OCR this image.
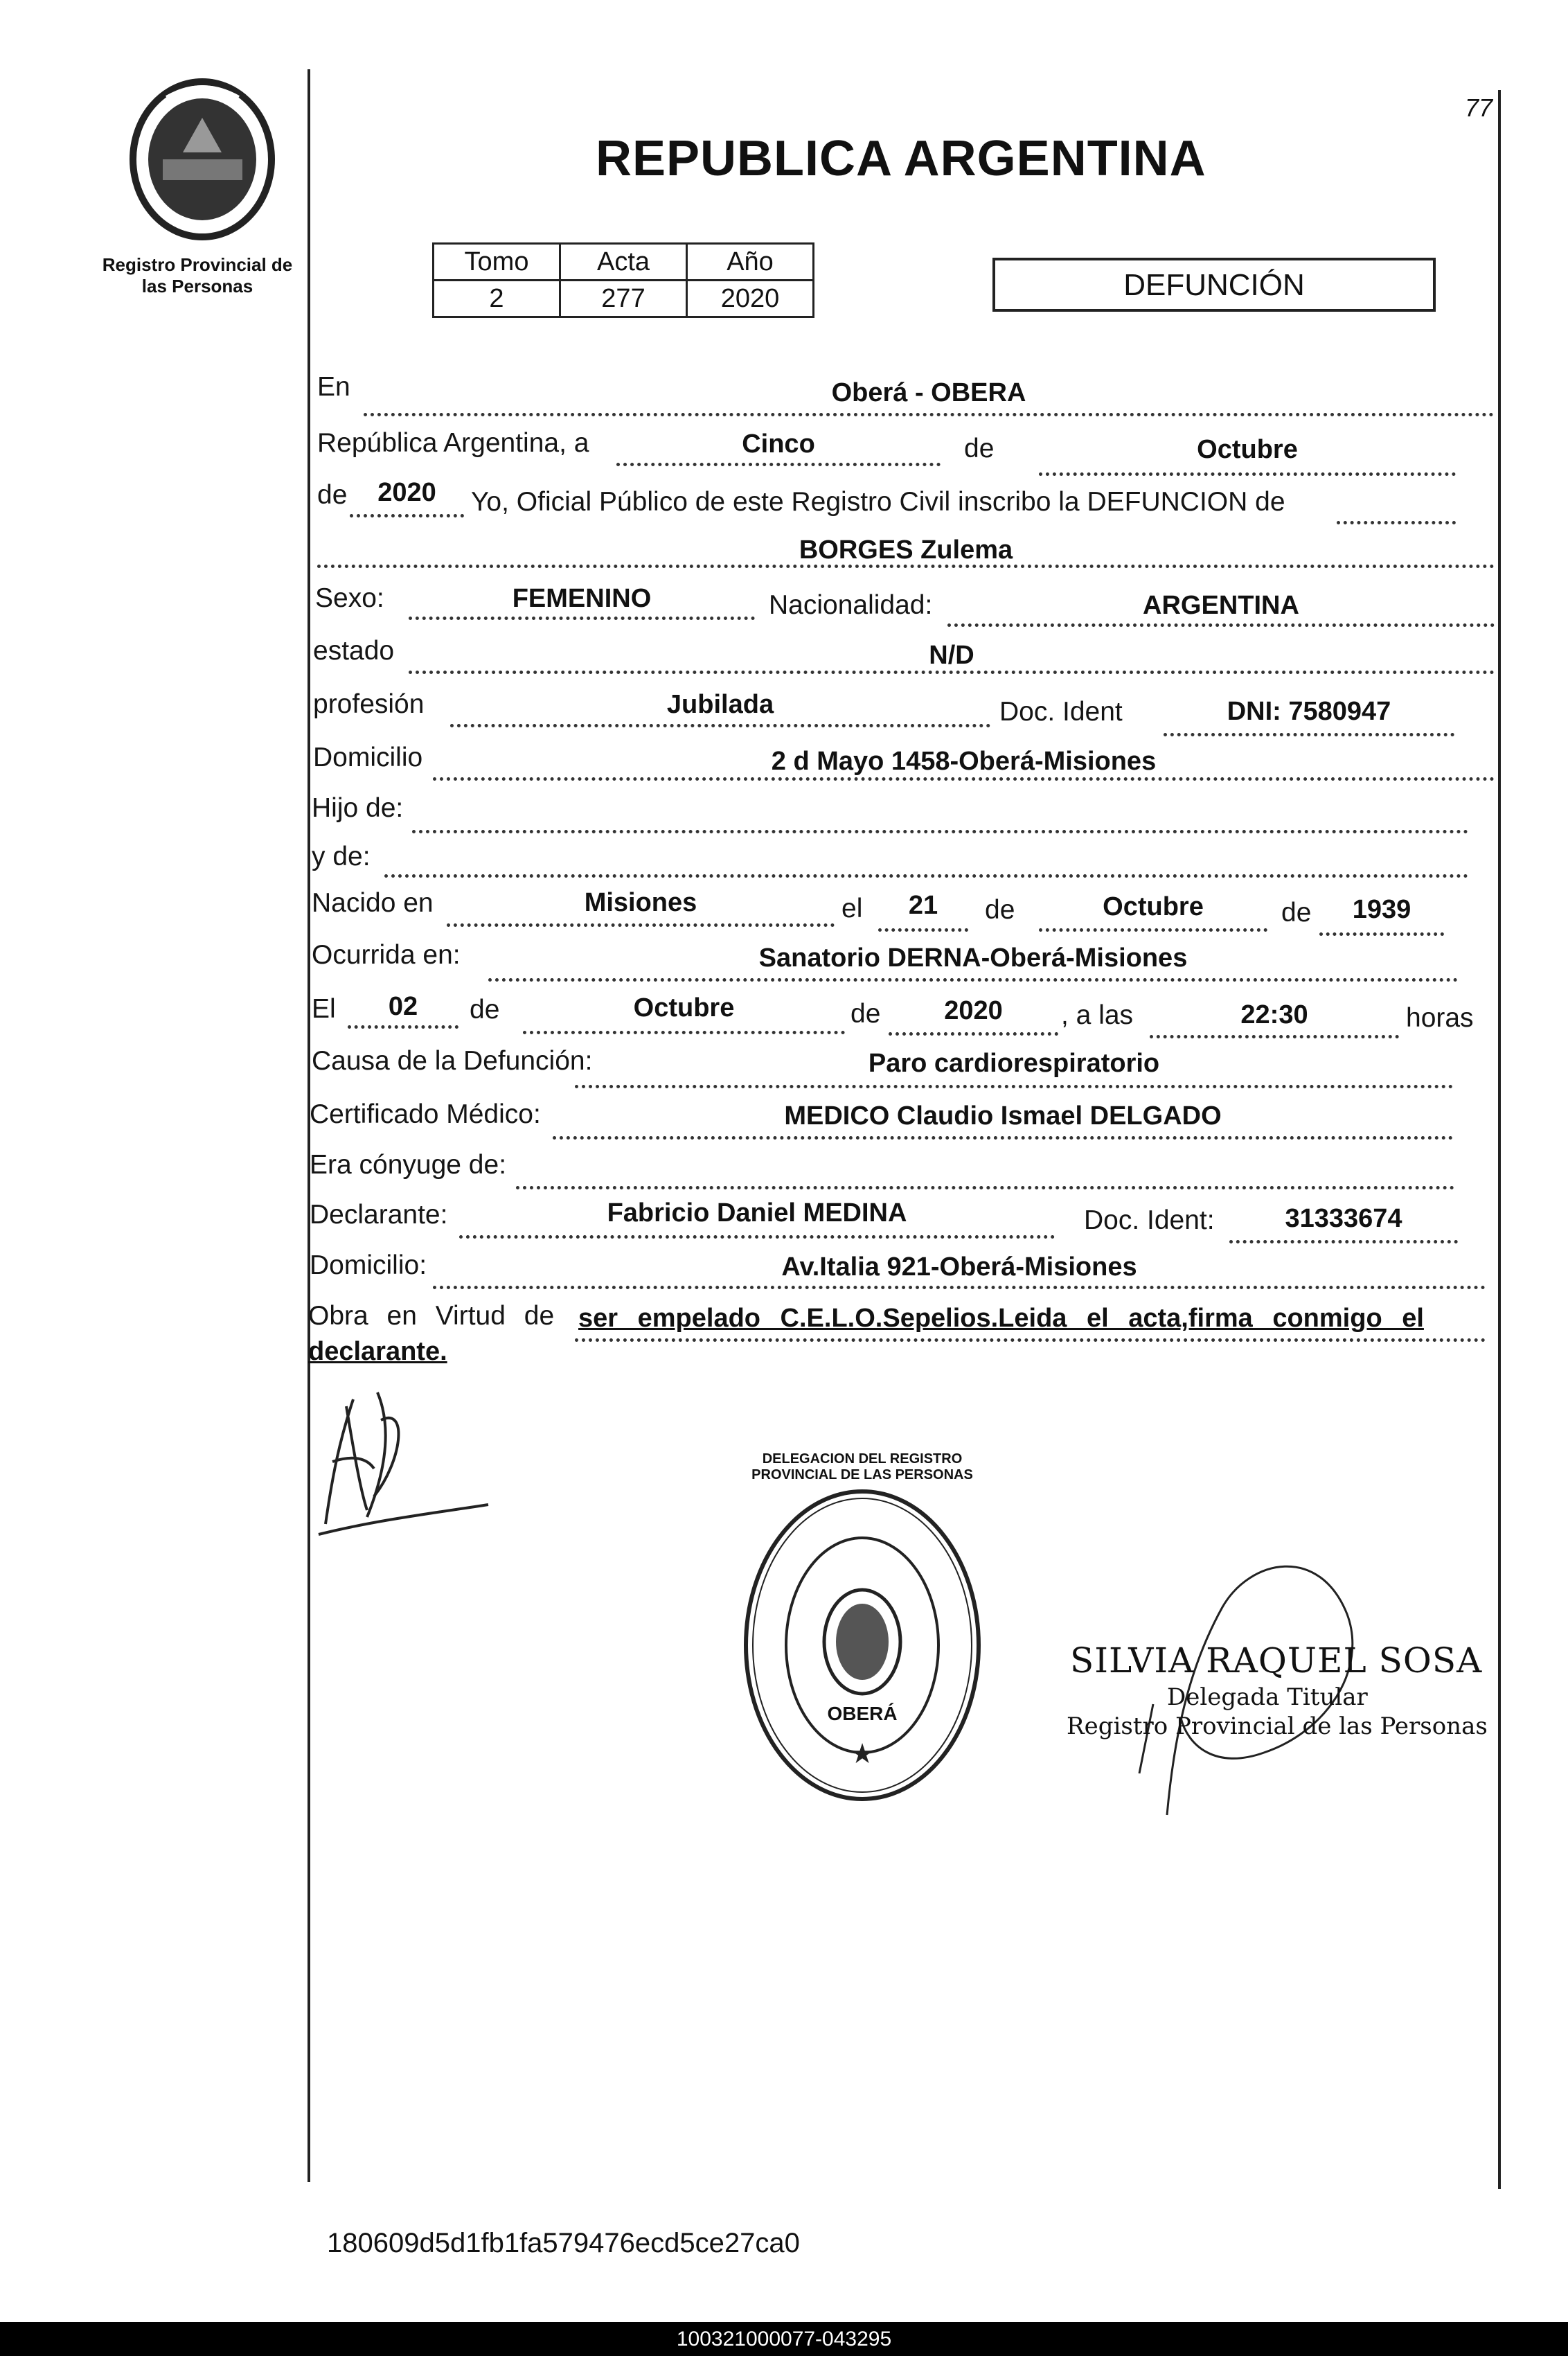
Registro Provincial de
las Personas
77
REPUBLICA ARGENTINA
Tomo	Acta	Año
2	277	2020	DEFUNCIÓN
En	Oberá - OBERA
República Argentina, a	Cinco	de	Octubre
de	2020	Yo, Oficial Público de este Registro Civil inscribo la DEFUNCION de
BORGES Zulema
Sexo:	FEMENINO	Nacionalidad:	ARGENTINA
estado	N/D
profesión	Jubilada	Doc. Ident	DNI: 7580947
Domicilio	2 d Mayo 1458-Oberá-Misiones
Hijo de:
y de:
Nacido en	Misiones	el	21	de	Octubre	de	1939
Ocurrida en:	Sanatorio DERNA-Oberá-Misiones
El	02	de	Octubre	de	2020	, a las	22:30	horas
Causa de la Defunción:	Paro cardiorespiratorio
Certificado Médico:	MEDICO Claudio Ismael DELGADO
Era cónyuge de:
Declarante:	Fabricio Daniel MEDINA	Doc. Ident:	31333674
Domicilio:	Av.Italia 921-Oberá-Misiones
Obra en Virtud de ser empelado C.E.L.O.Sepelios.Leida el acta,firma conmigo el
declarante.
★
DELEGACION DEL REGISTRO PROVINCIAL DE LAS PERSONAS
OBERÁ
SILVIA RAQUEL SOSA
Delegada Titular
Registro Provincial de las Personas
180609d5d1fb1fa579476ecd5ce27ca0
100321000077-043295
